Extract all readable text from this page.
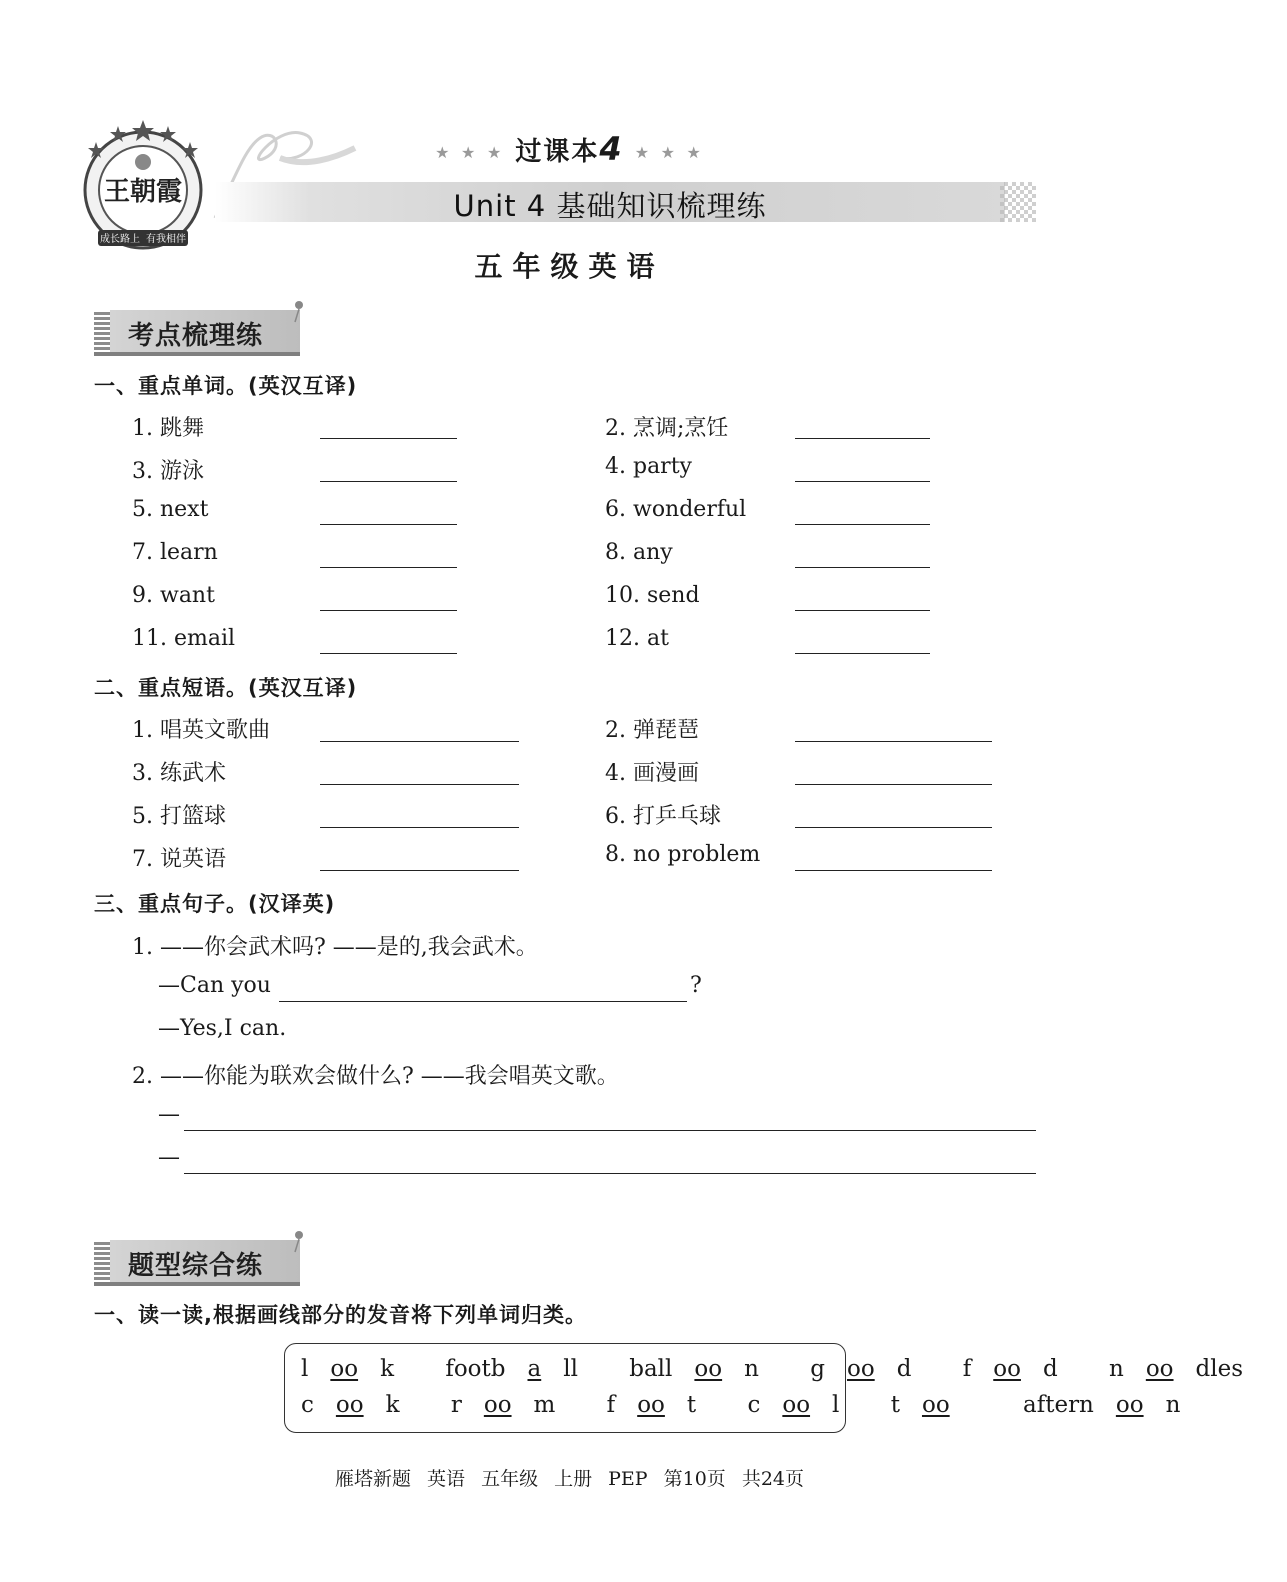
王朝霞
成长路上 有我相伴
★ ★ ★ 过课本4 ★ ★ ★
Unit 4 基础知识梳理练
五年级英语
考点梳理练
一、重点单词。(英汉互译)
1. 跳舞
3. 游泳
5. next
7. learn
9. want
11. email
2. 烹调;烹饪
4. party
6. wonderful
8. any
10. send
12. at
二、重点短语。(英汉互译)
1. 唱英文歌曲
3. 练武术
5. 打篮球
7. 说英语
2. 弹琵琶
4. 画漫画
6. 打乒乓球
8. no problem
三、重点句子。(汉译英)
1. ——你会武术吗? ——是的,我会武术。
—Can you	?
—Yes,I can.
2. ——你能为联欢会做什么? ——我会唱英文歌。
—
—
题型综合练
一、读一读,根据画线部分的发音将下列单词归类。
l oo k footb a ll ball oo n g oo d f oo d n oo dles
c oo k r oo m f oo t c oo l t oo	aftern oo n
雁塔新题 英语 五年级 上册 PEP 第10页 共24页
